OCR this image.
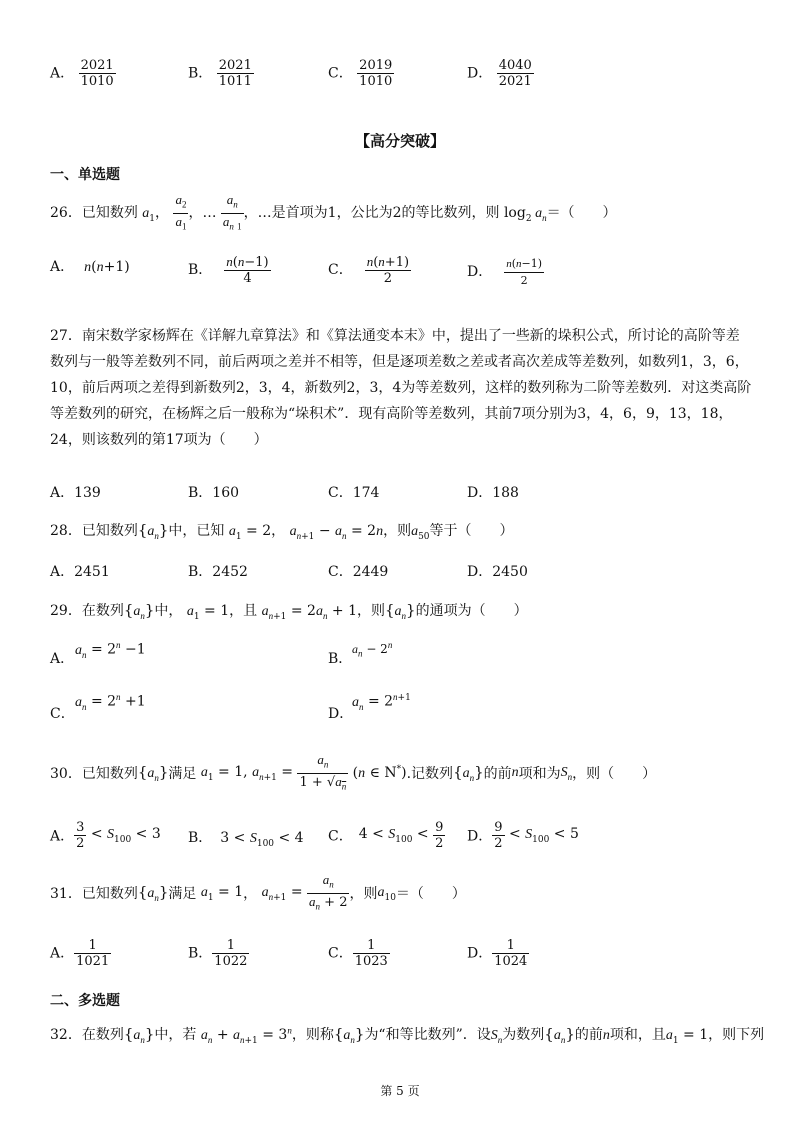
A． $\frac{2021}{1010}$	B． $\frac{2021}{1011}$	C． $\frac{2019}{1010}$	D． $\frac{4040}{2021}$
【高分突破】
一、单选题
26．已知数列 $a_1$， $\frac{a_2}{a_1}$ ，… $\frac{a_n}{a_n _1}$ ，…是首项为1，公比为2的等比数列，则 $\log_2 a_n=$（　　）
A． n(n+1)	B． $\frac{n(n-1)}{4}$	C． $\frac{n(n+1)}{2}$	D． $\frac{n(n-1)}{2}$
27．南宋数学家杨辉在《详解九章算法》和《算法通变本末》中，提出了一些新的垛积公式，所讨论的高阶等差
数列与一般等差数列不同，前后两项之差并不相等，但是逐项差数之差或者高次差成等差数列，如数列1，3，6，
10，前后两项之差得到新数列2，3，4，新数列2，3，4为等差数列，这样的数列称为二阶等差数列．对这类高阶
等差数列的研究，在杨辉之后一般称为“垛积术”．现有高阶等差数列，其前7项分别为3，4，6，9，13，18，
24，则该数列的第17项为（　　）
A．139	B．160	C．174	D．188
28．已知数列$\{a_n\}$中，已知 $a_1 = 2$， $a_{n+1} - a_n = 2n$，则$a_{50}$等于（　　）
A．2451	B．2452	C．2449	D．2450
29．在数列$\{a_n\}$中， $a_1 = 1$，且 $a_{n+1} = 2a_n + 1$，则$\{a_n\}$的通项为（　　）
A．
$a_n = 2^n -1$
B．
$a_n - 2^n$
C．
$a_n = 2^n +1$
D．
$a_n = 2^{n+1}$
30．已知数列$\{a_n\}$满足 $a_1 = 1$, $a_{n+1} = \frac{a_n}{1 + √a_n} (n$ ∈ N*).记数列$\{a_n\}$的前n项和为$S_n$，则（　　）
A． $\frac{3}{2} < S_{100} < 3$ B． $3 < S_{100} < 4$ C． $4 < S_{100} < \frac{9}{2}$ D． $\frac{9}{2} < S_{100} < 5$
31．已知数列$\{a_n\}$满足 $a_1 = 1$， $a_{n+1} = \frac{a_n}{a_n + 2}$ ，则$a_{10}=$（　　）
A． $\frac{1}{1021}$	B． $\frac{1}{1022}$	C． $\frac{1}{1023}$	D． $\frac{1}{1024}$
二、多选题
32．在数列$\{a_n\}$中，若 $a_n + a_{n+1} = 3^n$，则称$\{a_n\}$为“和等比数列”．设$S_n$为数列$\{a_n\}$的前n项和，且$a_1 = 1$，则下列
第 5 页
